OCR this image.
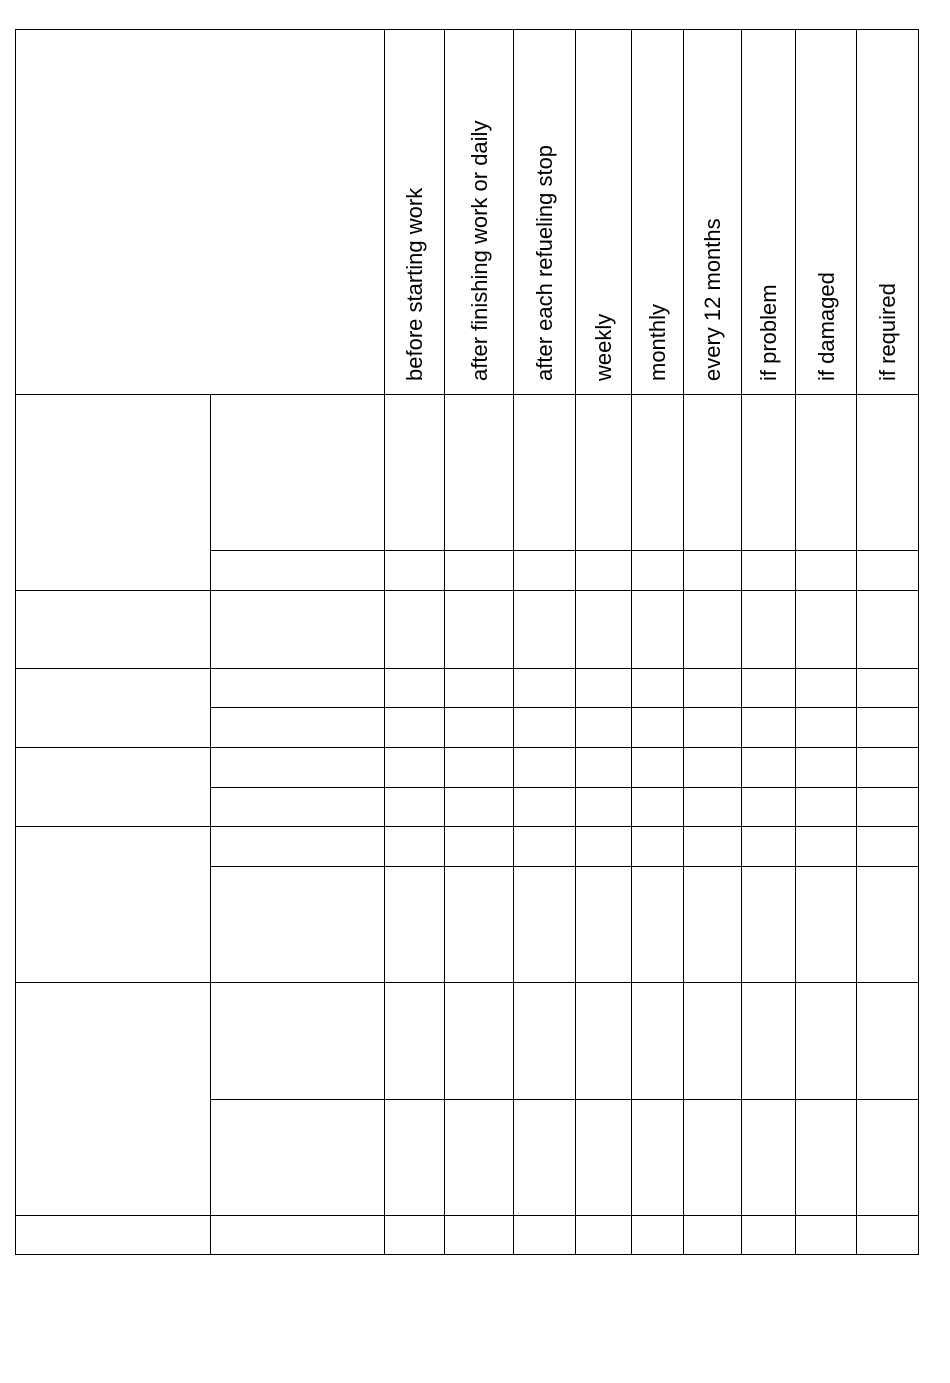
before starting work after finishing work or daily after each refueling stop weekly monthly every 12 months if problem if damaged if required
